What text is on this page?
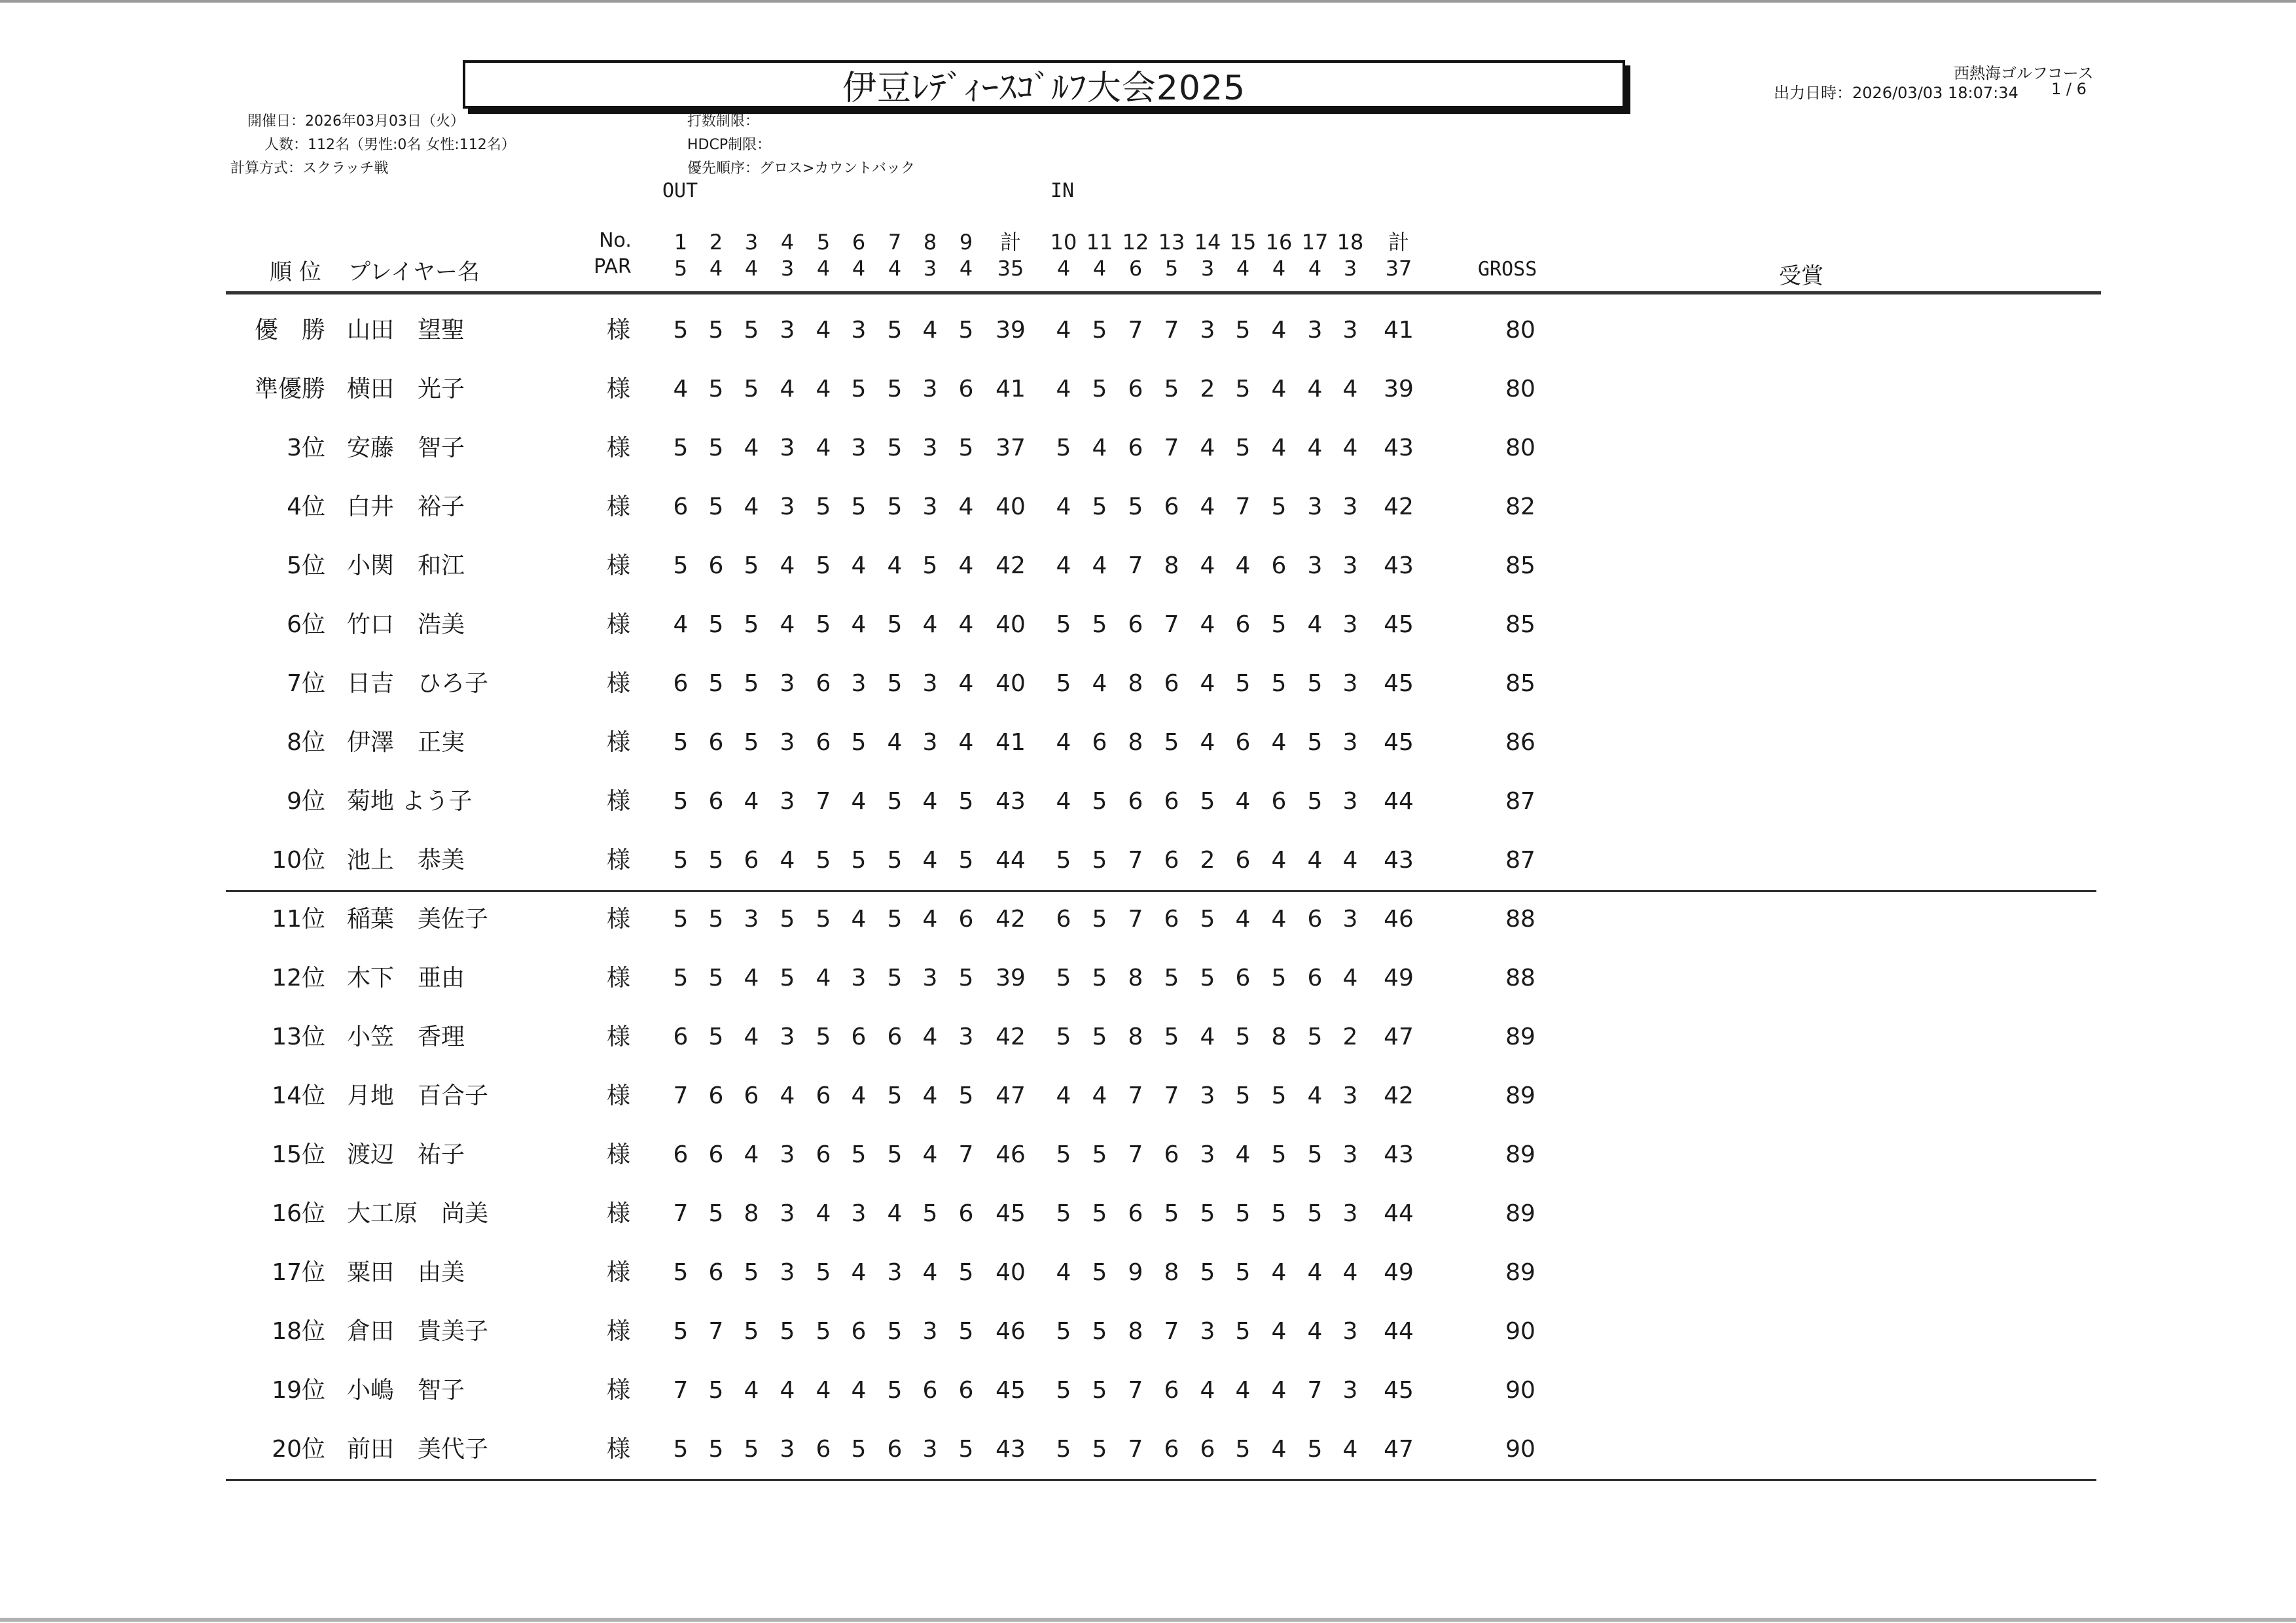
伊豆ﾚﾃﾞｨｰｽｺﾞﾙﾌ大会2025	西熱海ゴルフコース
出力日時：2026/03/03 18:07:34 1 / 6
開催日：2026年03月03日（火）
人数：112名（男性:0名 女性:112名）
計算方式：スクラッチ戦
打数制限：
HDCP制限：
優先順序：グロス>カウントバック
OUT	IN
順 位 プレイヤー名
No.
PAR
1 2 3 4 5 6 7 8 9 計 10 11 12 13 14 15 16 17 18 計
5 4 4 3 4 4 4 3 4 35 4 4 6 5 3 4 4 4 3 37	GROSS	受賞
優　勝 山田　望聖	様 5 5 5 3 4 3 5 4 5 39 4 5 7 7 3 5 4 3 3 41	80
準優勝 横田　光子	様 4 5 5 4 4 5 5 3 6 41 4 5 6 5 2 5 4 4 4 39	80
3位 安藤　智子	様 5 5 4 3 4 3 5 3 5 37 5 4 6 7 4 5 4 4 4 43	80
4位 白井　裕子	様 6 5 4 3 5 5 5 3 4 40 4 5 5 6 4 7 5 3 3 42	82
5位 小関　和江	様 5 6 5 4 5 4 4 5 4 42 4 4 7 8 4 4 6 3 3 43	85
6位 竹口　浩美	様 4 5 5 4 5 4 5 4 4 40 5 5 6 7 4 6 5 4 3 45	85
7位 日吉　ひろ子	様 6 5 5 3 6 3 5 3 4 40 5 4 8 6 4 5 5 5 3 45	85
8位 伊澤　正実	様 5 6 5 3 6 5 4 3 4 41 4 6 8 5 4 6 4 5 3 45	86
9位 菊地 よう子	様 5 6 4 3 7 4 5 4 5 43 4 5 6 6 5 4 6 5 3 44	87
10位 池上　恭美	様 5 5 6 4 5 5 5 4 5 44 5 5 7 6 2 6 4 4 4 43	87
11位 稲葉　美佐子	様 5 5 3 5 5 4 5 4 6 42 6 5 7 6 5 4 4 6 3 46	88
12位 木下　亜由	様 5 5 4 5 4 3 5 3 5 39 5 5 8 5 5 6 5 6 4 49	88
13位 小笠　香理	様 6 5 4 3 5 6 6 4 3 42 5 5 8 5 4 5 8 5 2 47	89
14位 月地　百合子	様 7 6 6 4 6 4 5 4 5 47 4 4 7 7 3 5 5 4 3 42	89
15位 渡辺　祐子	様 6 6 4 3 6 5 5 4 7 46 5 5 7 6 3 4 5 5 3 43	89
16位 大工原　尚美	様 7 5 8 3 4 3 4 5 6 45 5 5 6 5 5 5 5 5 3 44	89
17位 粟田　由美	様 5 6 5 3 5 4 3 4 5 40 4 5 9 8 5 5 4 4 4 49	89
18位 倉田　貴美子	様 5 7 5 5 5 6 5 3 5 46 5 5 8 7 3 5 4 4 3 44	90
19位 小嶋　智子	様 7 5 4 4 4 4 5 6 6 45 5 5 7 6 4 4 4 7 3 45	90
20位 前田　美代子	様 5 5 5 3 6 5 6 3 5 43 5 5 7 6 6 5 4 5 4 47	90
